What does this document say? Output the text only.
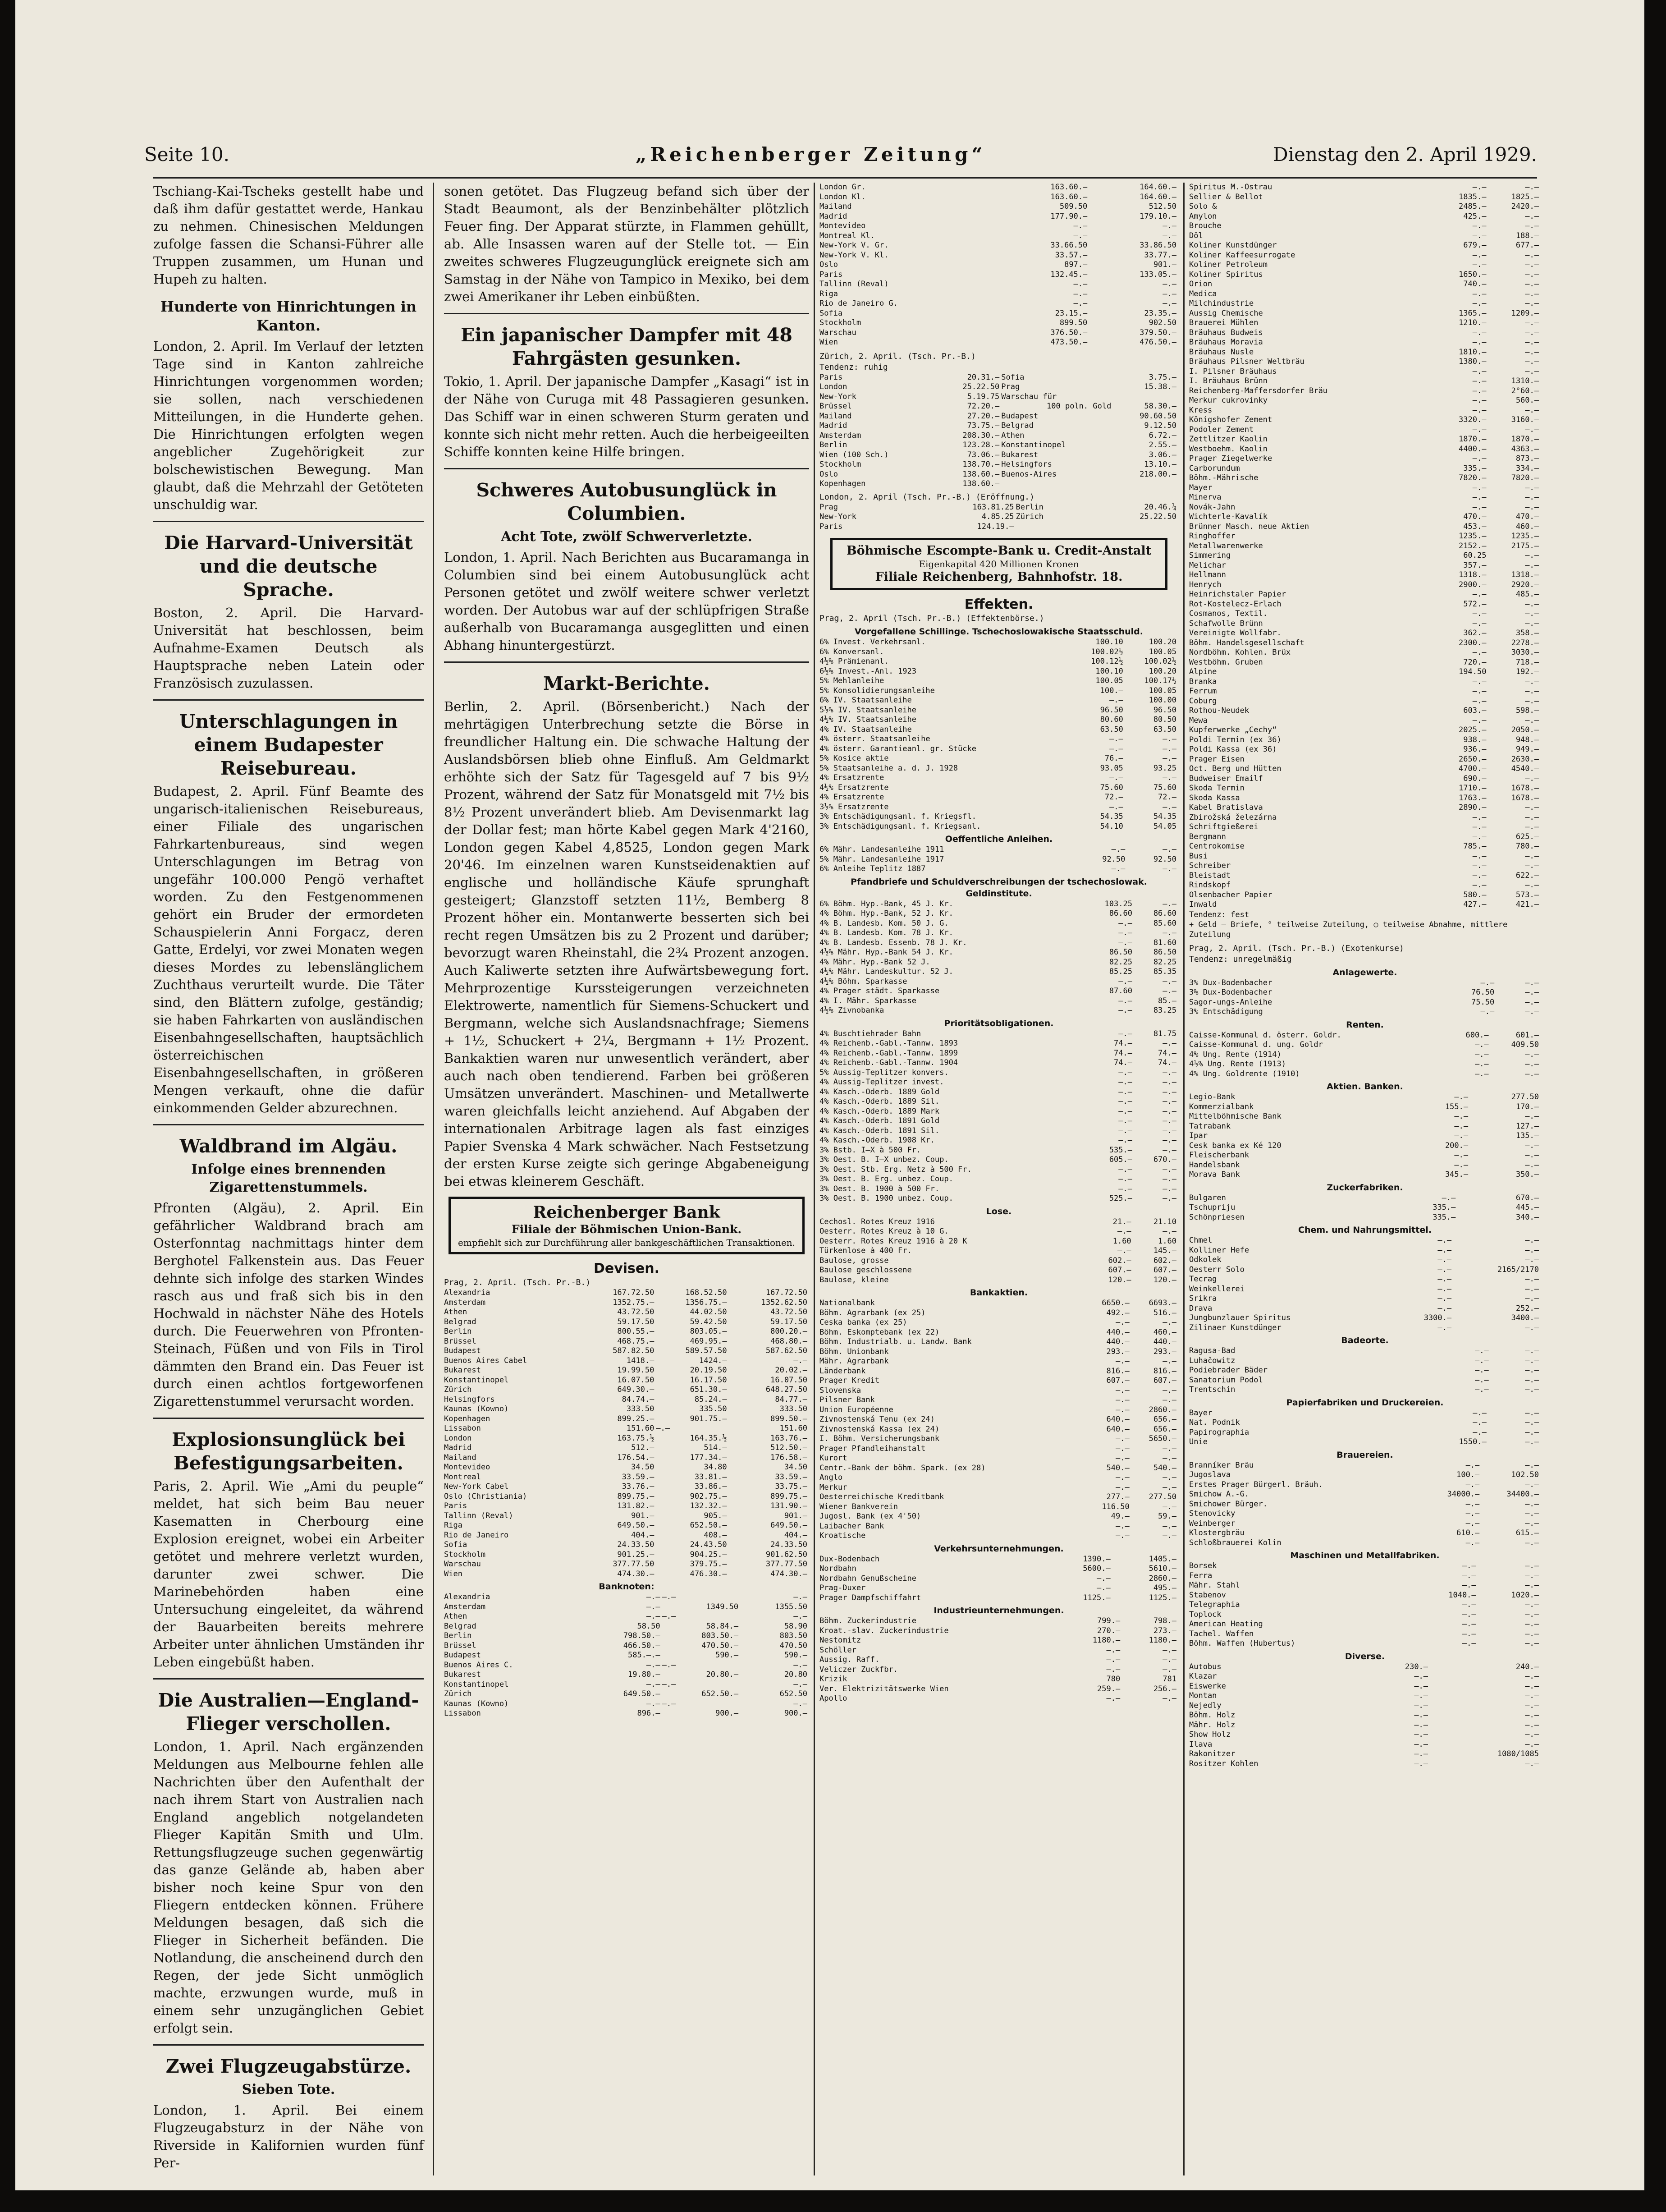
Seite 10.	„Reichenberger Zeitung“	Dienstag den 2. April 1929.

Tschiang-Kai-Tscheks gestellt habe und daß ihm dafür gestattet werde, Hankau zu nehmen. Chinesischen Meldungen zufolge fassen die Schansi-Führer alle Truppen zusammen, um Hunan und Hupeh zu halten.

Hunderte von Hinrichtungen in Kanton.

London, 2. April. Im Verlauf der letzten Tage sind in Kanton zahlreiche Hinrichtungen vorgenommen worden; sie sollen, nach verschiedenen Mitteilungen, in die Hunderte gehen. Die Hinrichtungen erfolgten wegen angeblicher Zugehörigkeit zur bolschewistischen Bewegung. Man glaubt, daß die Mehrzahl der Getöteten unschuldig war.

Die Harvard-Universität und die deutsche Sprache.

Boston, 2. April. Die Harvard-Universität hat beschlossen, beim Aufnahme-Examen Deutsch als Hauptsprache neben Latein oder Französisch zuzulassen.

Unterschlagungen in einem Budapester Reisebureau.

Budapest, 2. April. Fünf Beamte des ungarisch-italienischen Reisebureaus, einer Filiale des ungarischen Fahrkartenbureaus, sind wegen Unterschlagungen im Betrag von ungefähr 100.000 Pengö verhaftet worden. Zu den Festgenommenen gehört ein Bruder der ermordeten Schauspielerin Anni Forgacz, deren Gatte, Erdelyi, vor zwei Monaten wegen dieses Mordes zu lebenslänglichem Zuchthaus verurteilt wurde. Die Täter sind, den Blättern zufolge, geständig; sie haben Fahrkarten von ausländischen Eisenbahngesellschaften, hauptsächlich österreichischen Eisenbahngesellschaften, in größeren Mengen verkauft, ohne die dafür einkommenden Gelder abzurechnen.

Waldbrand im Algäu.
Infolge eines brennenden Zigarettenstummels.

Pfronten (Algäu), 2. April. Ein gefährlicher Waldbrand brach am Osterfonntag nachmittags hinter dem Berghotel Falkenstein aus. Das Feuer dehnte sich infolge des starken Windes rasch aus und fraß sich bis in den Hochwald in nächster Nähe des Hotels durch. Die Feuerwehren von Pfronten-Steinach, Füßen und von Fils in Tirol dämmten den Brand ein. Das Feuer ist durch einen achtlos fortgeworfenen Zigarettenstummel verursacht worden.

Explosionsunglück bei Befestigungsarbeiten.

Paris, 2. April. Wie „Ami du peuple“ meldet, hat sich beim Bau neuer Kasematten in Cherbourg eine Explosion ereignet, wobei ein Arbeiter getötet und mehrere verletzt wurden, darunter zwei schwer. Die Marinebehörden haben eine Untersuchung eingeleitet, da während der Bauarbeiten bereits mehrere Arbeiter unter ähnlichen Umständen ihr Leben eingebüßt haben.

Die Australien—England-Flieger verschollen.

London, 1. April. Nach ergänzenden Meldungen aus Melbourne fehlen alle Nachrichten über den Aufenthalt der nach ihrem Start von Australien nach England angeblich notgelandeten Flieger Kapitän Smith und Ulm. Rettungsflugzeuge suchen gegenwärtig das ganze Gelände ab, haben aber bisher noch keine Spur von den Fliegern entdecken können. Frühere Meldungen besagen, daß sich die Flieger in Sicherheit befänden. Die Notlandung, die anscheinend durch den Regen, der jede Sicht unmöglich machte, erzwungen wurde, muß in einem sehr unzugänglichen Gebiet erfolgt sein.

Zwei Flugzeugabstürze.
Sieben Tote.

London, 1. April. Bei einem Flugzeugabsturz in der Nähe von Riverside in Kalifornien wurden fünf Per-

sonen getötet. Das Flugzeug befand sich über der Stadt Beaumont, als der Benzinbehälter plötzlich Feuer fing. Der Apparat stürzte, in Flammen gehüllt, ab. Alle Insassen waren auf der Stelle tot. — Ein zweites schweres Flugzeugunglück ereignete sich am Samstag in der Nähe von Tampico in Mexiko, bei dem zwei Amerikaner ihr Leben einbüßten.

Ein japanischer Dampfer mit 48 Fahrgästen gesunken.

Tokio, 1. April. Der japanische Dampfer „Kasagi“ ist in der Nähe von Curuga mit 48 Passagieren gesunken. Das Schiff war in einen schweren Sturm geraten und konnte sich nicht mehr retten. Auch die herbeigeeilten Schiffe konnten keine Hilfe bringen.

Schweres Autobusunglück in Columbien.
Acht Tote, zwölf Schwerverletzte.

London, 1. April. Nach Berichten aus Bucaramanga in Columbien sind bei einem Autobusunglück acht Personen getötet und zwölf weitere schwer verletzt worden. Der Autobus war auf der schlüpfrigen Straße außerhalb von Bucaramanga ausgeglitten und einen Abhang hinuntergestürzt.

Markt-Berichte.

Berlin, 2. April. (Börsenbericht.) Nach der mehrtägigen Unterbrechung setzte die Börse in freundlicher Haltung ein. Die schwache Haltung der Auslandsbörsen blieb ohne Einfluß. Am Geldmarkt erhöhte sich der Satz für Tagesgeld auf 7 bis 9½ Prozent, während der Satz für Monatsgeld mit 7½ bis 8½ Prozent unverändert blieb. Am Devisenmarkt lag der Dollar fest; man hörte Kabel gegen Mark 4'2160, London gegen Kabel 4,8525, London gegen Mark 20'46. Im einzelnen waren Kunstseidenaktien auf englische und holländische Käufe sprunghaft gesteigert; Glanzstoff setzten 11½, Bemberg 8 Prozent höher ein. Montanwerte besserten sich bei recht regen Umsätzen bis zu 2 Prozent und darüber; bevorzugt waren Rheinstahl, die 2¾ Prozent anzogen. Auch Kaliwerte setzten ihre Aufwärtsbewegung fort. Mehrprozentige Kurssteigerungen verzeichneten Elektrowerte, namentlich für Siemens-Schuckert und Bergmann, welche sich Auslandsnachfrage; Siemens + 1½, Schuckert + 2¼, Bergmann + 1½ Prozent. Bankaktien waren nur unwesentlich verändert, aber auch nach oben tendierend. Farben bei größeren Umsätzen unverändert. Maschinen- und Metallwerte waren gleichfalls leicht anziehend. Auf Abgaben der internationalen Arbitrage lagen als fast einziges Papier Svenska 4 Mark schwächer. Nach Festsetzung der ersten Kurse zeigte sich geringe Abgabeneigung bei etwas kleinerem Geschäft.

Reichenberger Bank
Filiale der Böhmischen Union-Bank.
empfiehlt sich zur Durchführung aller bankgeschäftlichen Transaktionen.
Devisen.
Prag, 2. April. (Tsch. Pr.-B.)
Alexandria	167.72.50	168.52.50	167.72.50
Amsterdam	1352.75.—	1356.75.—	1352.62.50
Athen	43.72.50	44.02.50	43.72.50
Belgrad	59.17.50	59.42.50	59.17.50
Berlin	800.55.—	803.05.—	800.20.—
Brüssel	468.75.—	469.95.—	468.80.—
Budapest	587.82.50	589.57.50	587.62.50
Buenos Aires Cabel	1418.—	1424.—	—.—
Bukarest	19.99.50	20.19.50	20.02.—
Konstantinopel	16.07.50	16.17.50	16.07.50
Zürich	649.30.—	651.30.—	648.27.50
Helsingfors	84.74.—	85.24.—	84.77.—
Kaunas (Kowno)	333.50	335.50	333.50
Kopenhagen	899.25.—	901.75.—	899.50.—
Lissabon	151.60	—.—	151.60
London	163.75.½	164.35.½	163.76.—
Madrid	512.—	514.—	512.50.—
Mailand	176.54.—	177.34.—	176.58.—
Montevideo	34.50	34.80	34.50
Montreal	33.59.—	33.81.—	33.59.—
New-York Cabel	33.76.—	33.86.—	33.75.—
Oslo (Christiania)	899.75.—	902.75.—	899.75.—
Paris	131.82.—	132.32.—	131.90.—
Tallinn (Reval)	901.—	905.—	901.—
Riga	649.50.—	652.50.—	649.50.—
Rio de Janeiro	404.—	408.—	404.—
Sofia	24.33.50	24.43.50	24.33.50
Stockholm	901.25.—	904.25.—	901.62.50
Warschau	377.77.50	379.75.—	377.77.50
Wien	474.30.—	476.30.—	474.30.—
Banknoten:
Alexandria	—.—	—.—	—.—
Amsterdam	—.—	1349.50	1355.50
Athen	—.—	—.—	—.—
Belgrad	58.50	58.84.—	58.90
Berlin	798.50.—	803.50.—	803.50
Brüssel	466.50.—	470.50.—	470.50
Budapest	585.—.—	590.—	590.—
Buenos Aires C.	—.—	—.—	—.—
Bukarest	19.80.—	20.80.—	20.80
Konstantinopel	—.—	—.—	—.—
Zürich	649.50.—	652.50.—	652.50
Kaunas (Kowno)	—.—	—.—	—.—
Lissabon	896.—	900.—	900.—
London Gr.	163.60.—	164.60.—
London Kl.	163.60.—	164.60.—
Mailand	509.50	512.50
Madrid	177.90.—	179.10.—
Montevideo	—.—	—.—
Montreal Kl.	—.—	—.—
New-York V. Gr.	33.66.50	33.86.50
New-York V. Kl.	33.57.—	33.77.—
Oslo	897.—	901.—
Paris	132.45.—	133.05.—
Tallinn (Reval)	—.—	—.—
Riga	—.—	—.—
Rio de Janeiro G.	—.—	—.—
Sofia	23.15.—	23.35.—
Stockholm	899.50	902.50
Warschau	376.50.—	379.50.—
Wien	473.50.—	476.50.—
Zürich, 2. April. (Tsch. Pr.-B.)
Tendenz: ruhig
Paris	20.31.—	Sofia	3.75.—
London	25.22.50	Prag	15.38.—
New-York	5.19.75	Warschau für	
Brüssel	72.20.—	100 poln. Gold	58.30.—
Mailand	27.20.—	Budapest	90.60.50
Madrid	73.75.—	Belgrad	9.12.50
Amsterdam	208.30.—	Athen	6.72.—
Berlin	123.28.—	Konstantinopel	2.55.—
Wien (100 Sch.)	73.06.—	Bukarest	3.06.—
Stockholm	138.70.—	Helsingfors	13.10.—
Oslo	138.60.—	Buenos-Aires	218.00.—
Kopenhagen	138.60.—		
London, 2. April (Tsch. Pr.-B.) (Eröffnung.)
Prag	163.81.25	Berlin	20.46.¼
New-York	4.85.25	Zürich	25.22.50
Paris	124.19.—		
Böhmische Escompte-Bank u. Credit-Anstalt
Eigenkapital 420 Millionen Kronen
Filiale Reichenberg, Bahnhofstr. 18.
Effekten.
Prag, 2. April (Tsch. Pr.-B.) (Effektenbörse.)
Vorgefallene Schillinge. Tschechoslowakische Staatsschuld.
6% Invest. Verkehrsanl.	100.10	100.20
6% Konversanl.	100.02½	100.05
4½% Prämienanl.	100.12½	100.02½
6½% Invest.-Anl. 1923	100.10	100.20
5% Mehlanleihe	100.05	100.17½
5% Konsolidierungsanleihe	100.—	100.05
6% IV. Staatsanleihe	—.—	100.00
5½% IV. Staatsanleihe	96.50	96.50
4½% IV. Staatsanleihe	80.60	80.50
4% IV. Staatsanleihe	63.50	63.50
4% österr. Staatsanleihe	—.—	—.—
4% österr. Garantieanl. gr. Stücke	—.—	—.—
5% Kosice aktie	76.—	—.—
5% Staatsanleihe a. d. J. 1928	93.05	93.25
4% Ersatzrente	—.—	—.—
4½% Ersatzrente	75.60	75.60
4% Ersatzrente	72.—	72.—
3½% Ersatzrente	—.—	—.—
3% Entschädigungsanl. f. Kriegsfl.	54.35	54.35
3% Entschädigungsanl. f. Kriegsanl.	54.10	54.05
Oeffentliche Anleihen.
6% Mähr. Landesanleihe 1911	—.—	—.—
5% Mähr. Landesanleihe 1917	92.50	92.50
6% Anleihe Teplitz 1887	—.—	—.—
Pfandbriefe und Schuldverschreibungen der tschechoslowak. Geldinstitute.
6% Böhm. Hyp.-Bank, 45 J. Kr.	103.25	—.—
4% Böhm. Hyp.-Bank, 52 J. Kr.	86.60	86.60
4% B. Landesb. Kom. 50 J. G.	—.—	85.60
4% B. Landesb. Kom. 78 J. Kr.	—.—	—.—
4% B. Landesb. Essenb. 78 J. Kr.	—.—	81.60
4½% Mähr. Hyp.-Bank 54 J. Kr.	86.50	86.50
4% Mähr. Hyp.-Bank 52 J.	82.25	82.25
4½% Mähr. Landeskultur. 52 J.	85.25	85.35
4½% Böhm. Sparkasse	—.—	—.—
4% Prager städt. Sparkasse	87.60	—.—
4% I. Mähr. Sparkasse	—.—	85.—
4½% Zivnobanka	—.—	83.25
Prioritätsobligationen.
4% Buschtiehrader Bahn	—.—	81.75
4% Reichenb.-Gabl.-Tannw. 1893	74.—	—.—
4% Reichenb.-Gabl.-Tannw. 1899	74.—	74.—
4% Reichenb.-Gabl.-Tannw. 1904	74.—	74.—
5% Aussig-Teplitzer konvers.	—.—	—.—
4% Aussig-Teplitzer invest.	—.—	—.—
4% Kasch.-Oderb. 1889 Gold	—.—	—.—
4% Kasch.-Oderb. 1889 Sil.	—.—	—.—
4% Kasch.-Oderb. 1889 Mark	—.—	—.—
4% Kasch.-Oderb. 1891 Gold	—.—	—.—
4% Kasch.-Oderb. 1891 Sil.	—.—	—.—
4% Kasch.-Oderb. 1908 Kr.	—.—	—.—
3% Bstb. I—X à 500 Fr.	535.—	—.—
3% Oest. B. I—X unbez. Coup.	605.—	670.—
3% Oest. Stb. Erg. Netz à 500 Fr.	—.—	—.—
3% Oest. B. Erg. unbez. Coup.	—.—	—.—
3% Oest. B. 1900 à 500 Fr.	—.—	—.—
3% Oest. B. 1900 unbez. Coup.	525.—	—.—
Lose.
Cechosl. Rotes Kreuz 1916	21.—	21.10
Oesterr. Rotes Kreuz à 10 G.	—.—	—.—
Oesterr. Rotes Kreuz 1916 à 20 K	1.60	1.60
Türkenlose à 400 Fr.	—.—	145.—
Baulose, grosse	602.—	602.—
Baulose geschlossene	607.—	607.—
Baulose, kleine	120.—	120.—
Bankaktien.
Nationalbank	6650.—	6693.—
Böhm. Agrarbank (ex 25)	492.—	516.—
Ceska banka (ex 25)	—.—	—.—
Böhm. Eskomptebank (ex 22)	440.—	460.—
Böhm. Industrialb. u. Landw. Bank	440.—	440.—
Böhm. Unionbank	293.—	293.—
Mähr. Agrarbank	—.—	—.—
Länderbank	816.—	816.—
Prager Kredit	607.—	607.—
Slovenska	—.—	—.—
Pilsner Bank	—.—	—.—
Union Européenne	—.—	2860.—
Zivnostenská Tenu (ex 24)	640.—	656.—
Zivnostenská Kassa (ex 24)	640.—	656.—
I. Böhm. Versicherungsbank	—.—	5650.—
Prager Pfandleihanstalt	—.—	—.—
Kurort	—.—	—.—
Centr.-Bank der böhm. Spark. (ex 28)	540.—	540.—
Anglo	—.—	—.—
Merkur	—.—	—.—
Oesterreichische Kreditbank	277.—	277.50
Wiener Bankverein	116.50	—.—
Jugosl. Bank (ex 4'50)	49.—	59.—
Laibacher Bank	—.—	—.—
Kroatische	—.—	—.—
Verkehrsunternehmungen.
Dux-Bodenbach	1390.—	1405.—
Nordbahn	5600.—	5610.—
Nordbahn Genußscheine	—.—	2860.—
Prag-Duxer	—.—	495.—
Prager Dampfschiffahrt	1125.—	1125.—
Industrieunternehmungen.
Böhm. Zuckerindustrie	799.—	798.—
Kroat.-slav. Zuckerindustrie	270.—	273.—
Nestomitz	1180.—	1180.—
Schöller	—.—	—.—
Aussig. Raff.	—.—	—.—
Veliczer Zuckfbr.	—.—	—.—
Krizik	780	781
Ver. Elektrizitätswerke Wien	259.—	256.—
Apollo	—.—	—.—
Spiritus M.-Ostrau	—.—	—.—
Sellier & Bellot	1835.—	1825.—
Solo &	2485.—	2420.—
Amylon	425.—	—.—
Brouche	—.—	—.—
Döl	—.—	188.—
Koliner Kunstdünger	679.—	677.—
Koliner Kaffeesurrogate	—.—	—.—
Koliner Petroleum	—.—	—.—
Koliner Spiritus	1650.—	—.—
Orion	740.—	—.—
Medica	—.—	—.—
Milchindustrie	—.—	—.—
Aussig Chemische	1365.—	1209.—
Brauerei Mühlen	1210.—	—.—
Bräuhaus Budweis	—.—	—.—
Bräuhaus Moravia	—.—	—.—
Bräuhaus Nusle	1810.—	—.—
Bräuhaus Pilsner Weltbräu	1380.—	—.—
I. Pilsner Bräuhaus	—.—	—.—
I. Bräuhaus Brünn	—.—	1310.—
Reichenberg-Maffersdorfer Bräu	—.—	2°60.—
Merkur cukrovinky	—.—	560.—
Kress	—.—	—.—
Königshofer Zement	3320.—	3160.—
Podoler Zement	—.—	—.—
Zettlitzer Kaolin	1870.—	1870.—
Westboehm. Kaolin	4400.—	4363.—
Prager Ziegelwerke	—.—	873.—
Carborundum	335.—	334.—
Böhm.-Mährische	7820.—	7820.—
Mayer	—.—	—.—
Minerva	—.—	—.—
Novák-Jahn	—.—	—.—
Wichterle-Kavalík	470.—	470.—
Brünner Masch. neue Aktien	453.—	460.—
Ringhoffer	1235.—	1235.—
Metallwarenwerke	2152.—	2175.—
Simmering	60.25	—.—
Melichar	357.—	—.—
Hellmann	1318.—	1318.—
Henrych	2900.—	2920.—
Heinrichstaler Papier	—.—	485.—
Rot-Kostelecz-Erlach	572.—	—.—
Cosmanos, Textil.	—.—	—.—
Schafwolle Brünn	—.—	—.—
Vereinigte Wollfabr.	362.—	358.—
Böhm. Handelsgesellschaft	2300.—	2278.—
Nordböhm. Kohlen. Brüx	—.—	3030.—
Westböhm. Gruben	720.—	718.—
Alpine	194.50	192.—
Branka	—.—	—.—
Ferrum	—.—	—.—
Coburg	—.—	—.—
Rothou-Neudek	603.—	598.—
Mewa	—.—	—.—
Kupferwerke „Cechy“	2025.—	2050.—
Poldi Termin (ex 36)	938.—	948.—
Poldi Kassa (ex 36)	936.—	949.—
Prager Eisen	2650.—	2630.—
Oct. Berg und Hütten	4700.—	4540.—
Budweiser Emailf	690.—	—.—
Skoda Termin	1710.—	1678.—
Skoda Kassa	1763.—	1678.—
Kabel Bratislava	2890.—	—.—
Zbirožská železárna	—.—	—.—
Schriftgießerei	—.—	—.—
Bergmann	—.—	625.—
Centrokomise	785.—	780.—
Busi	—.—	—.—
Schreiber	—.—	—.—
Bleistadt	—.—	622.—
Rindskopf	—.—	—.—
Olsenbacher Papier	580.—	573.—
Inwald	427.—	421.—
Tendenz: fest
+ Geld — Briefe, ° teilweise Zuteilung, ○ teilweise Abnahme, mittlere Zuteilung
Prag, 2. April. (Tsch. Pr.-B.) (Exotenkurse)
Tendenz: unregelmäßig
Anlagewerte.
3% Dux-Bodenbacher	—.—	—.—
3% Dux-Bodenbacher	76.50	—.—
Sagor-ungs-Anleihe	75.50	—.—
3% Entschädigung	—.—	—.—
Renten.
Caisse-Kommunal d. österr. Goldr.	600.—	601.—
Caisse-Kommunal d. ung. Goldr	—.—	409.50
4% Ung. Rente (1914)	—.—	—.—
4½% Ung. Rente (1913)	—.—	—.—
4% Ung. Goldrente (1910)	—.—	—.—
Aktien. Banken.
Legio-Bank	—.—	277.50
Kommerzialbank	155.—	170.—
Mittelböhmische Bank	—.—	—.—
Tatrabank	—.—	127.—
Ipar	—.—	135.—
Cesk banka ex Ké 120	200.—	—.—
Fleischerbank	—.—	—.—
Handelsbank	—.—	—.—
Morava Bank	345.—	350.—
Zuckerfabriken.
Bulgaren	—.—	670.—
Tschupriju	335.—	445.—
Schönpriesen	335.—	340.—
Chem. und Nahrungsmittel.
Chmel	—.—	—.—
Kolliner Hefe	—.—	—.—
Odkolek	—.—	—.—
Oesterr Solo	—.—	2165/2170
Tecrag	—.—	—.—
Weinkellerei	—.—	—.—
Srikra	—.—	—.—
Drava	—.—	252.—
Jungbunzlauer Spiritus	3300.—	3400.—
Zilinaer Kunstdünger	—.—	—.—
Badeorte.
Ragusa-Bad	—.—	—.—
Luhačowitz	—.—	—.—
Podiebrader Bäder	—.—	—.—
Sanatorium Podol	—.—	—.—
Trentschin	—.—	—.—
Papierfabriken und Druckereien.
Bayer	—.—	—.—
Nat. Podnik	—.—	—.—
Papirographia	—.—	—.—
Unie	1550.—	—.—
Brauereien.
Branníker Bräu	—.—	—.—
Jugoslava	100.—	102.50
Erstes Prager Bürgerl. Bräuh.	—.—	—.—
Smichow A.-G.	34000.—	34400.—
Smichower Bürger.	—.—	—.—
Stenovicky	—.—	—.—
Weinberger	—.—	—.—
Klostergbräu	610.—	615.—
Schloßbrauerei Kolin	—.—	—.—
Maschinen und Metallfabriken.
Borsek	—.—	—.—
Ferra	—.—	—.—
Mähr. Stahl	—.—	—.—
Stabenov	1040.—	1020.—
Telegraphia	—.—	—.—
Toplock	—.—	—.—
American Heating	—.—	—.—
Tachel. Waffen	—.—	—.—
Böhm. Waffen (Hubertus)	—.—	—.—
Diverse.
Autobus	230.—	240.—
Klazar	—.—	—.—
Eiswerke	—.—	—.—
Montan	—.—	—.—
Nejedly	—.—	—.—
Böhm. Holz	—.—	—.—
Mähr. Holz	—.—	—.—
Show Holz	—.—	—.—
Ilava	—.—	—.—
Rakonitzer	—.—	1080/1085
Rositzer Kohlen	—.—	—.—
